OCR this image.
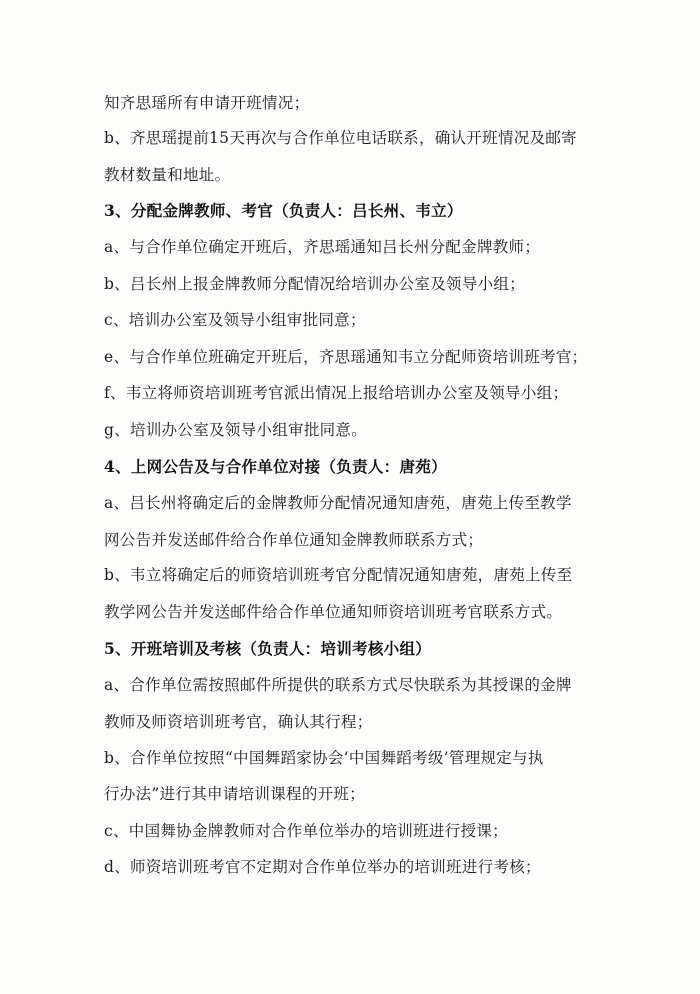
知齐思瑶所有申请开班情况；
b、齐思瑶提前15天再次与合作单位电话联系，确认开班情况及邮寄
教材数量和地址。
3、分配金牌教师、考官（负责人：吕长州、韦立）
a、与合作单位确定开班后，齐思瑶通知吕长州分配金牌教师；
b、吕长州上报金牌教师分配情况给培训办公室及领导小组；
c、培训办公室及领导小组审批同意；
e、与合作单位班确定开班后，齐思瑶通知韦立分配师资培训班考官；
f、韦立将师资培训班考官派出情况上报给培训办公室及领导小组；
g、培训办公室及领导小组审批同意。
4、上网公告及与合作单位对接（负责人：唐苑）
a、吕长州将确定后的金牌教师分配情况通知唐苑，唐苑上传至教学
网公告并发送邮件给合作单位通知金牌教师联系方式；
b、韦立将确定后的师资培训班考官分配情况通知唐苑，唐苑上传至
教学网公告并发送邮件给合作单位通知师资培训班考官联系方式。
5、开班培训及考核（负责人：培训考核小组）
a、合作单位需按照邮件所提供的联系方式尽快联系为其授课的金牌
教师及师资培训班考官，确认其行程；
b、合作单位按照“中国舞蹈家协会‘中国舞蹈考级’管理规定与执
行办法”进行其申请培训课程的开班；
c、中国舞协金牌教师对合作单位举办的培训班进行授课；
d、师资培训班考官不定期对合作单位举办的培训班进行考核；
